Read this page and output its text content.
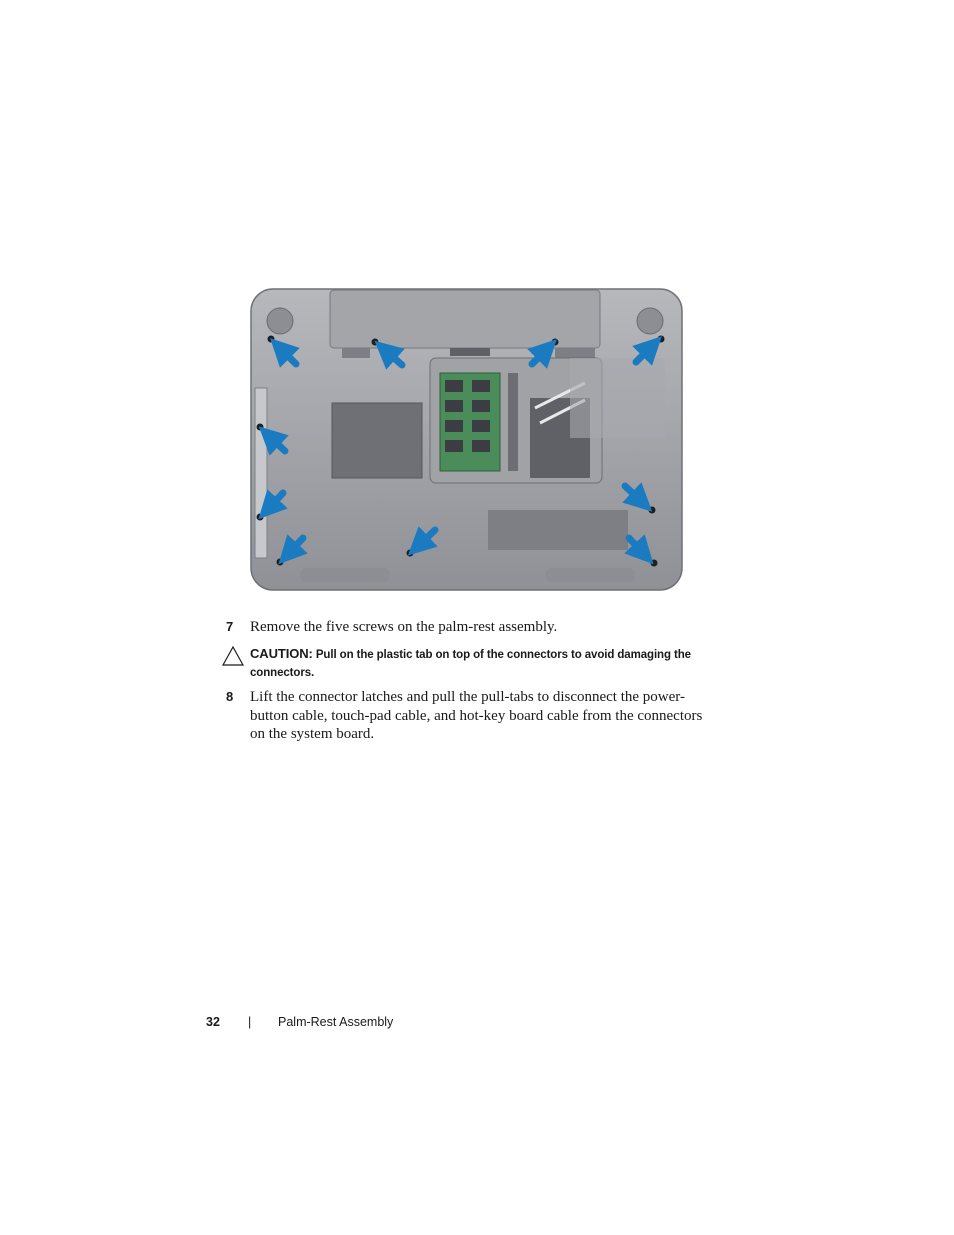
7 Remove the five screws on the palm-rest assembly.
CAUTION: Pull on the plastic tab on top of the connectors to avoid damaging the connectors.
8 Lift the connector latches and pull the pull-tabs to disconnect the power-button cable, touch-pad cable, and hot-key board cable from the connectors on the system board.
32 | Palm-Rest Assembly
